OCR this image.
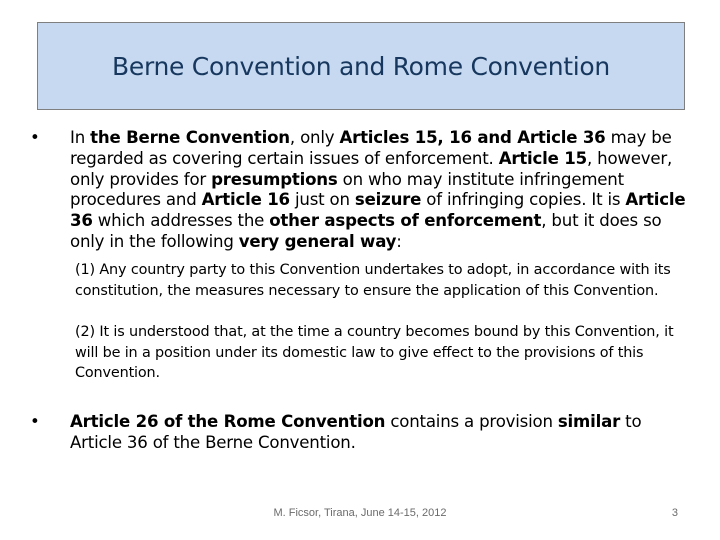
Berne Convention and Rome Convention
•	In the Berne Convention, only Articles 15, 16 and Article 36 may be regarded as covering certain issues of enforcement. Article 15, however, only provides for presumptions on who may institute infringement procedures and Article 16 just on seizure of infringing copies. It is Article 36 which addresses the other aspects of enforcement, but it does so only in the following very general way:
(1) Any country party to this Convention undertakes to adopt, in accordance with its constitution, the measures necessary to ensure the application of this Convention.
(2) It is understood that, at the time a country becomes bound by this Convention, it will be in a position under its domestic law to give effect to the provisions of this Convention.
•	Article 26 of the Rome Convention contains a provision similar to Article 36 of the Berne Convention.
M. Ficsor, Tirana, June 14-15, 2012	3
